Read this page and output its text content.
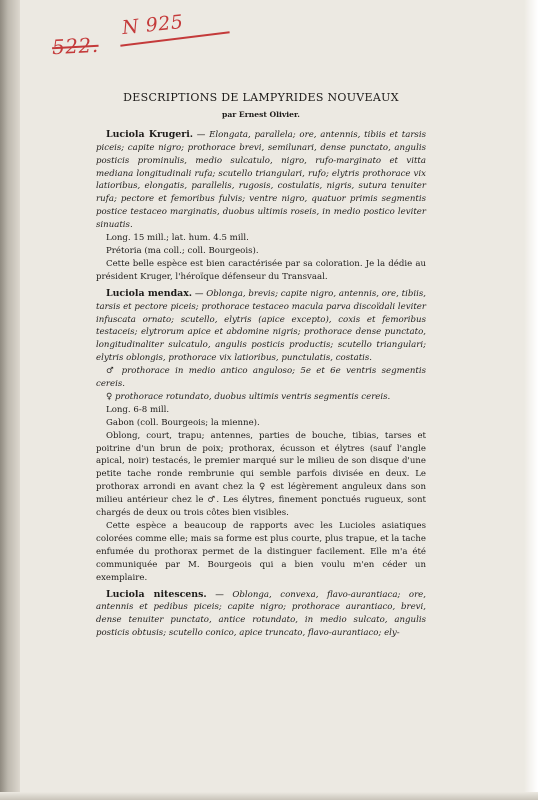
522.
N 925
DESCRIPTIONS DE LAMPYRIDES NOUVEAUX
par Ernest Olivier.

Luciola Krugeri. — Elongata, parallela; ore, antennis, tibiis et tarsis piceis; capite nigro; prothorace brevi, semilunari, dense punctato, angulis posticis prominulis, medio sulcatulo, nigro, rufo-marginato et vitta mediana longitudinali rufa; scutello triangulari, rufo; elytris prothorace vix latioribus, elongatis, parallelis, rugosis, costulatis, nigris, sutura tenuiter rufa; pectore et femoribus fulvis; ventre nigro, quatuor primis segmentis postice testaceo marginatis, duobus ultimis roseis, in medio postico leviter sinuatis.

Long. 15 mill.; lat. hum. 4.5 mill.

Prétoria (ma coll.; coll. Bourgeois).

Cette belle espèce est bien caractérisée par sa coloration. Je la dédie au président Kruger, l'héroïque défenseur du Transvaal.

Luciola mendax. — Oblonga, brevis; capite nigro, antennis, ore, tibiis, tarsis et pectore piceis; prothorace testaceo macula parva discoïdali leviter infuscata ornato; scutello, elytris (apice excepto), coxis et femoribus testaceis; elytrorum apice et abdomine nigris; prothorace dense punctato, longitudinaliter sulcatulo, angulis posticis productis; scutello triangulari; elytris oblongis, prothorace vix latioribus, punctulatis, costatis.

♂ prothorace in medio antico anguloso; 5e et 6e ventris segmentis cereis.

♀ prothorace rotundato, duobus ultimis ventris segmentis cereis.

Long. 6-8 mill.

Gabon (coll. Bourgeois; la mienne).

Oblong, court, trapu; antennes, parties de bouche, tibias, tarses et poitrine d'un brun de poix; prothorax, écusson et élytres (sauf l'angle apical, noir) testacés, le premier marqué sur le milieu de son disque d'une petite tache ronde rembrunie qui semble parfois divisée en deux. Le prothorax arrondi en avant chez la ♀ est légèrement anguleux dans son milieu antérieur chez le ♂. Les élytres, finement ponctués rugueux, sont chargés de deux ou trois côtes bien visibles.

Cette espèce a beaucoup de rapports avec les Lucioles asiatiques colorées comme elle; mais sa forme est plus courte, plus trapue, et la tache enfumée du prothorax permet de la distinguer facilement. Elle m'a été communiquée par M. Bourgeois qui a bien voulu m'en céder un exemplaire.

Luciola nitescens. — Oblonga, convexa, flavo-aurantiaca; ore, antennis et pedibus piceis; capite nigro; prothorace aurantiaco, brevi, dense tenuiter punctato, antice rotundato, in medio sulcato, angulis posticis obtusis; scutello conico, apice truncato, flavo-aurantiaco; ely-
